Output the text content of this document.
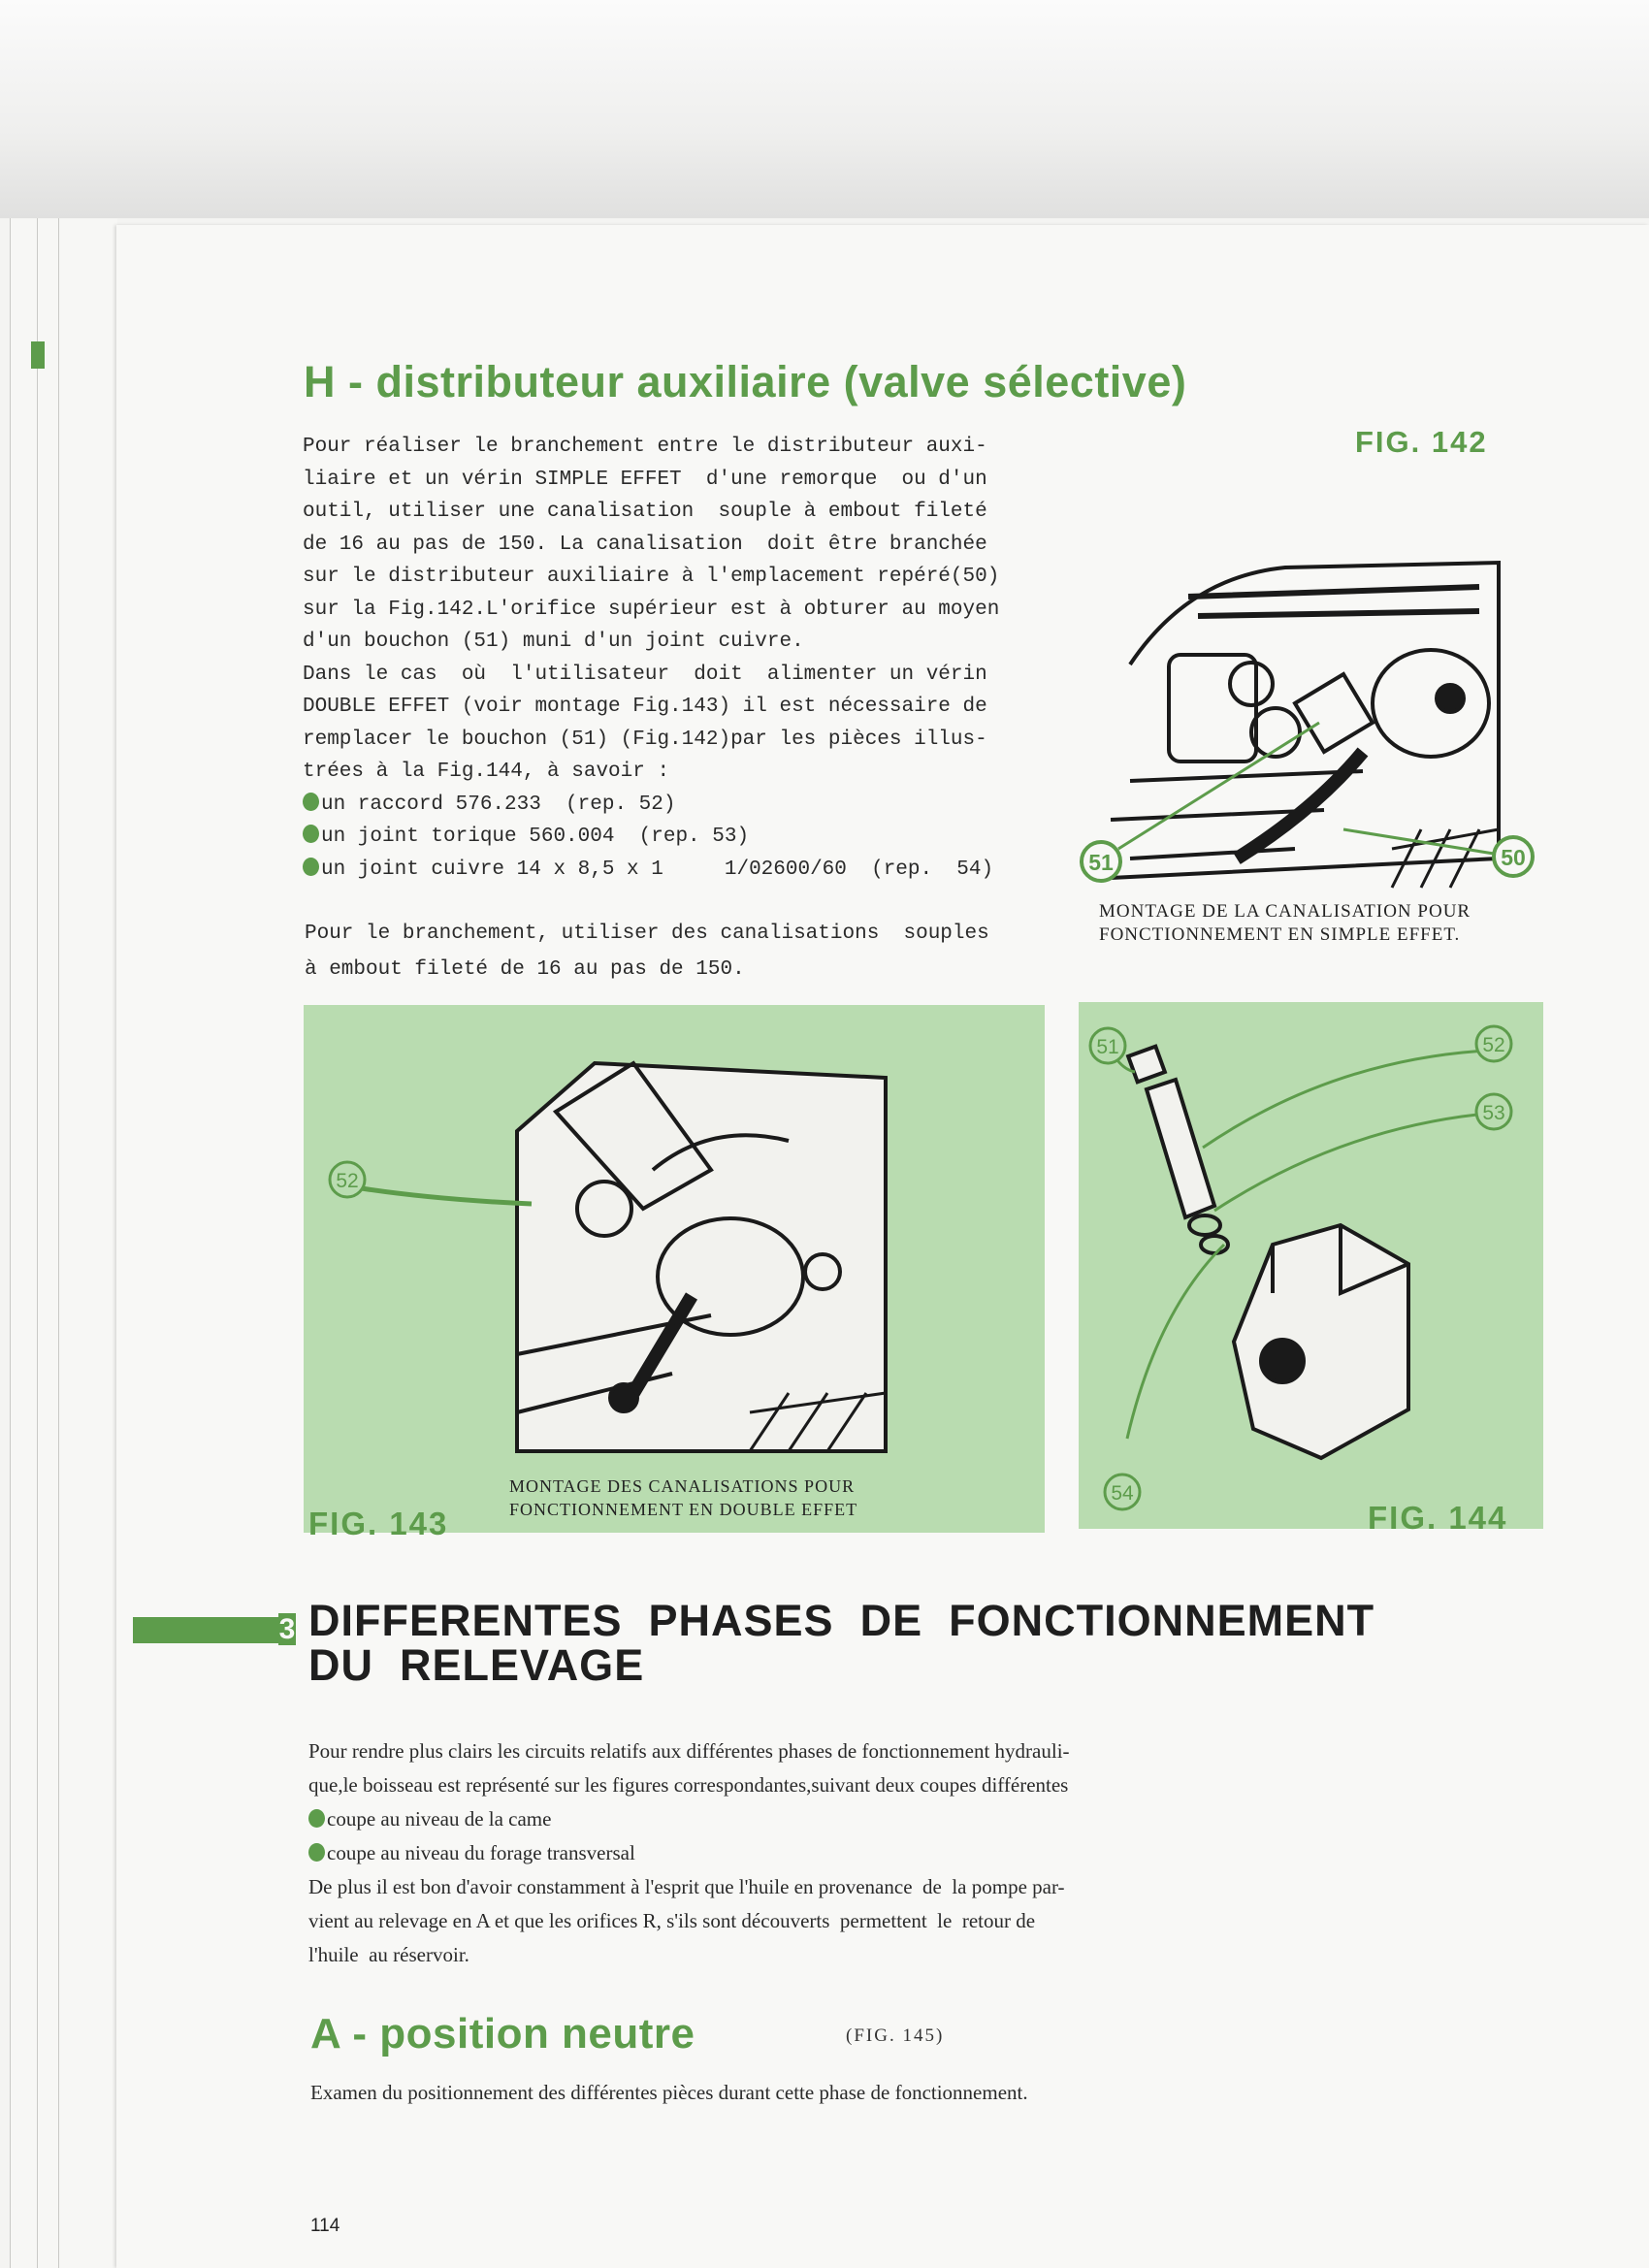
H - distributeur auxiliaire (valve sélective)
FIG. 142
Pour réaliser le branchement entre le distributeur auxi-
liaire et un vérin SIMPLE EFFET  d'une remorque  ou d'un
outil, utiliser une canalisation  souple à embout fileté
de 16 au pas de 150. La canalisation  doit être branchée
sur le distributeur auxiliaire à l'emplacement repéré(50)
sur la Fig.142.L'orifice supérieur est à obturer au moyen
d'un bouchon (51) muni d'un joint cuivre.
Dans le cas  où  l'utilisateur  doit  alimenter un vérin
DOUBLE EFFET (voir montage Fig.143) il est nécessaire de
remplacer le bouchon (51) (Fig.142)par les pièces illus-
trées à la Fig.144, à savoir :
un raccord 576.233  (rep. 52)
un joint torique 560.004  (rep. 53)
un joint cuivre 14 x 8,5 x 1     1/02600/60  (rep.  54)
Pour le branchement, utiliser des canalisations  souples
à embout fileté de 16 au pas de 150.
51	50
MONTAGE DE LA CANALISATION POUR
FONCTIONNEMENT EN SIMPLE EFFET.
52
MONTAGE DES CANALISATIONS POUR
FONCTIONNEMENT EN DOUBLE EFFET
FIG. 143
51	52
53
54
FIG. 144
3 DIFFERENTES  PHASES  DE  FONCTIONNEMENT
DU  RELEVAGE
Pour rendre plus clairs les circuits relatifs aux différentes phases de fonctionnement hydrauli-
que,le boisseau est représenté sur les figures correspondantes,suivant deux coupes différentes
coupe au niveau de la came
coupe au niveau du forage transversal
De plus il est bon d'avoir constamment à l'esprit que l'huile en provenance  de  la pompe par-
vient au relevage en A et que les orifices R, s'ils sont découverts  permettent  le  retour de
l'huile  au réservoir.
A - position neutre	(FIG. 145)
Examen du positionnement des différentes pièces durant cette phase de fonctionnement.
114
